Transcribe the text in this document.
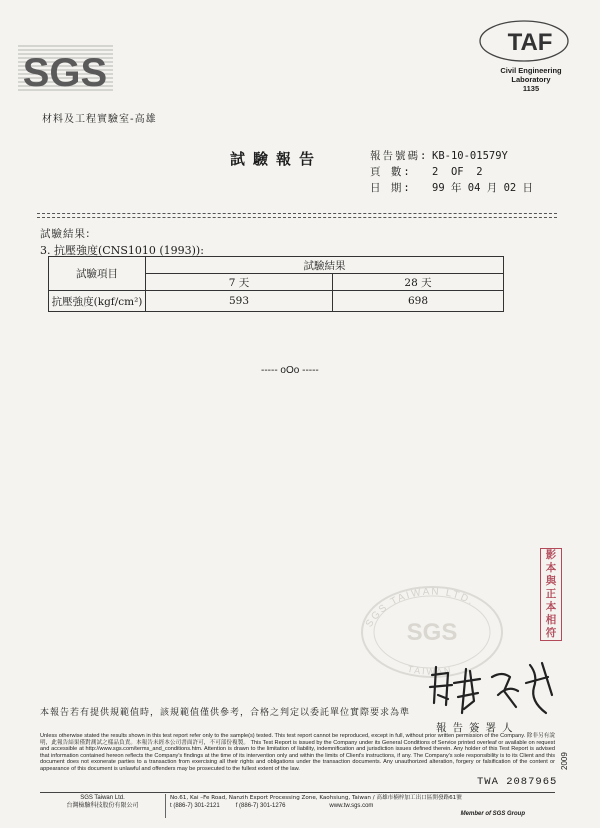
SGS
材料及工程實驗室-高雄
TAF
Civil Engineering
Laboratory
1135
試驗報告	報告號碼: KB-10-01579Y
頁 數:	2  OF  2
日 期:	99 年 04 月 02 日
試驗結果:
3. 抗壓強度(CNS1010 (1993)):
試驗項目	試驗結果	
	7 天	28 天
抗壓強度(kgf/cm²)	593	698
----- oOo -----
SGS TAIWAN LTD.
SGS
TAIWAN
影
本
與
正
本
相
符
本報告若有提供規範值時，該規範值僅供參考，合格之判定以委託單位實際要求為準
報告簽署人
Unless otherwise stated the results shown in this test report refer only to the sample(s) tested. This test report cannot be reproduced, except in full, without prior written permission of the Company. 除非另有說明，此報告結果僅對測試之樣品負責。本報告未經本公司書面許可，不可部份複製。 This Test Report is issued by the Company under its General Conditions of Service printed overleaf or available on request and accessible at http://www.sgs.com/terms_and_conditions.htm. Attention is drawn to the limitation of liability, indemnification and jurisdiction issues defined therein. Any holder of this Test Report is advised that information contained hereon reflects the Company's findings at the time of its intervention only and within the limits of Client's instructions, if any. The Company's sole responsibility is to its Client and this document does not exonerate parties to a transaction from exercising all their rights and obligations under the transaction documents. Any unauthorized alteration, forgery or falsification of the content or appearance of this document is unlawful and offenders may be prosecuted to the fullest extent of the law.
TWA 2087965
2009
SGS Taiwan Ltd.
台灣檢驗科技股份有限公司
No.61, Kai –Fe Road, Nanzih Export Processing Zone, Kaohsiung, Taiwan / 高雄市楠梓加工出口區開發路61號
t (886-7) 301-2121	f (886-7) 301-1276	www.tw.sgs.com
Member of SGS Group
